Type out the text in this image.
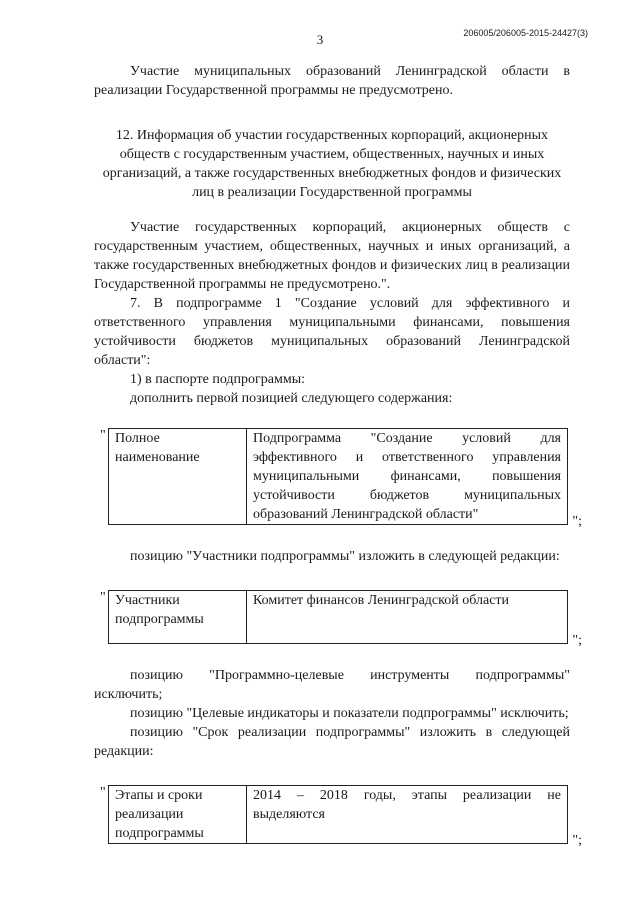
3	206005/206005-2015-24427(3)

Участие муниципальных образований Ленинградской области в реализации Государственной программы не предусмотрено.

12. Информация об участии государственных корпораций, акционерных обществ с государственным участием, общественных, научных и иных организаций, а также государственных внебюджетных фондов и физических лиц в реализации Государственной программы

Участие государственных корпораций, акционерных обществ с государственным участием, общественных, научных и иных организаций, а также государственных внебюджетных фондов и физических лиц в реализации Государственной программы не предусмотрено.".

7. В подпрограмме 1 "Создание условий для эффективного и ответственного управления муниципальными финансами, повышения устойчивости бюджетов муниципальных образований Ленинградской области":

1) в паспорте подпрограммы:

дополнить первой позицией следующего содержания:

" Полное наименование	Подпрограмма "Создание условий для эффективного и ответственного управления муниципальными финансами, повышения устойчивости бюджетов муниципальных образований Ленинградской области"	";

позицию "Участники подпрограммы" изложить в следующей редакции:

" Участники подпрограммы	Комитет финансов Ленинградской области
";

позицию "Программно-целевые инструменты подпрограммы" исключить;

позицию "Целевые индикаторы и показатели подпрограммы" исключить;

позицию "Срок реализации подпрограммы" изложить в следующей редакции:

" Этапы и сроки реализации подпрограммы	2014 – 2018 годы, этапы реализации не выделяются
";
